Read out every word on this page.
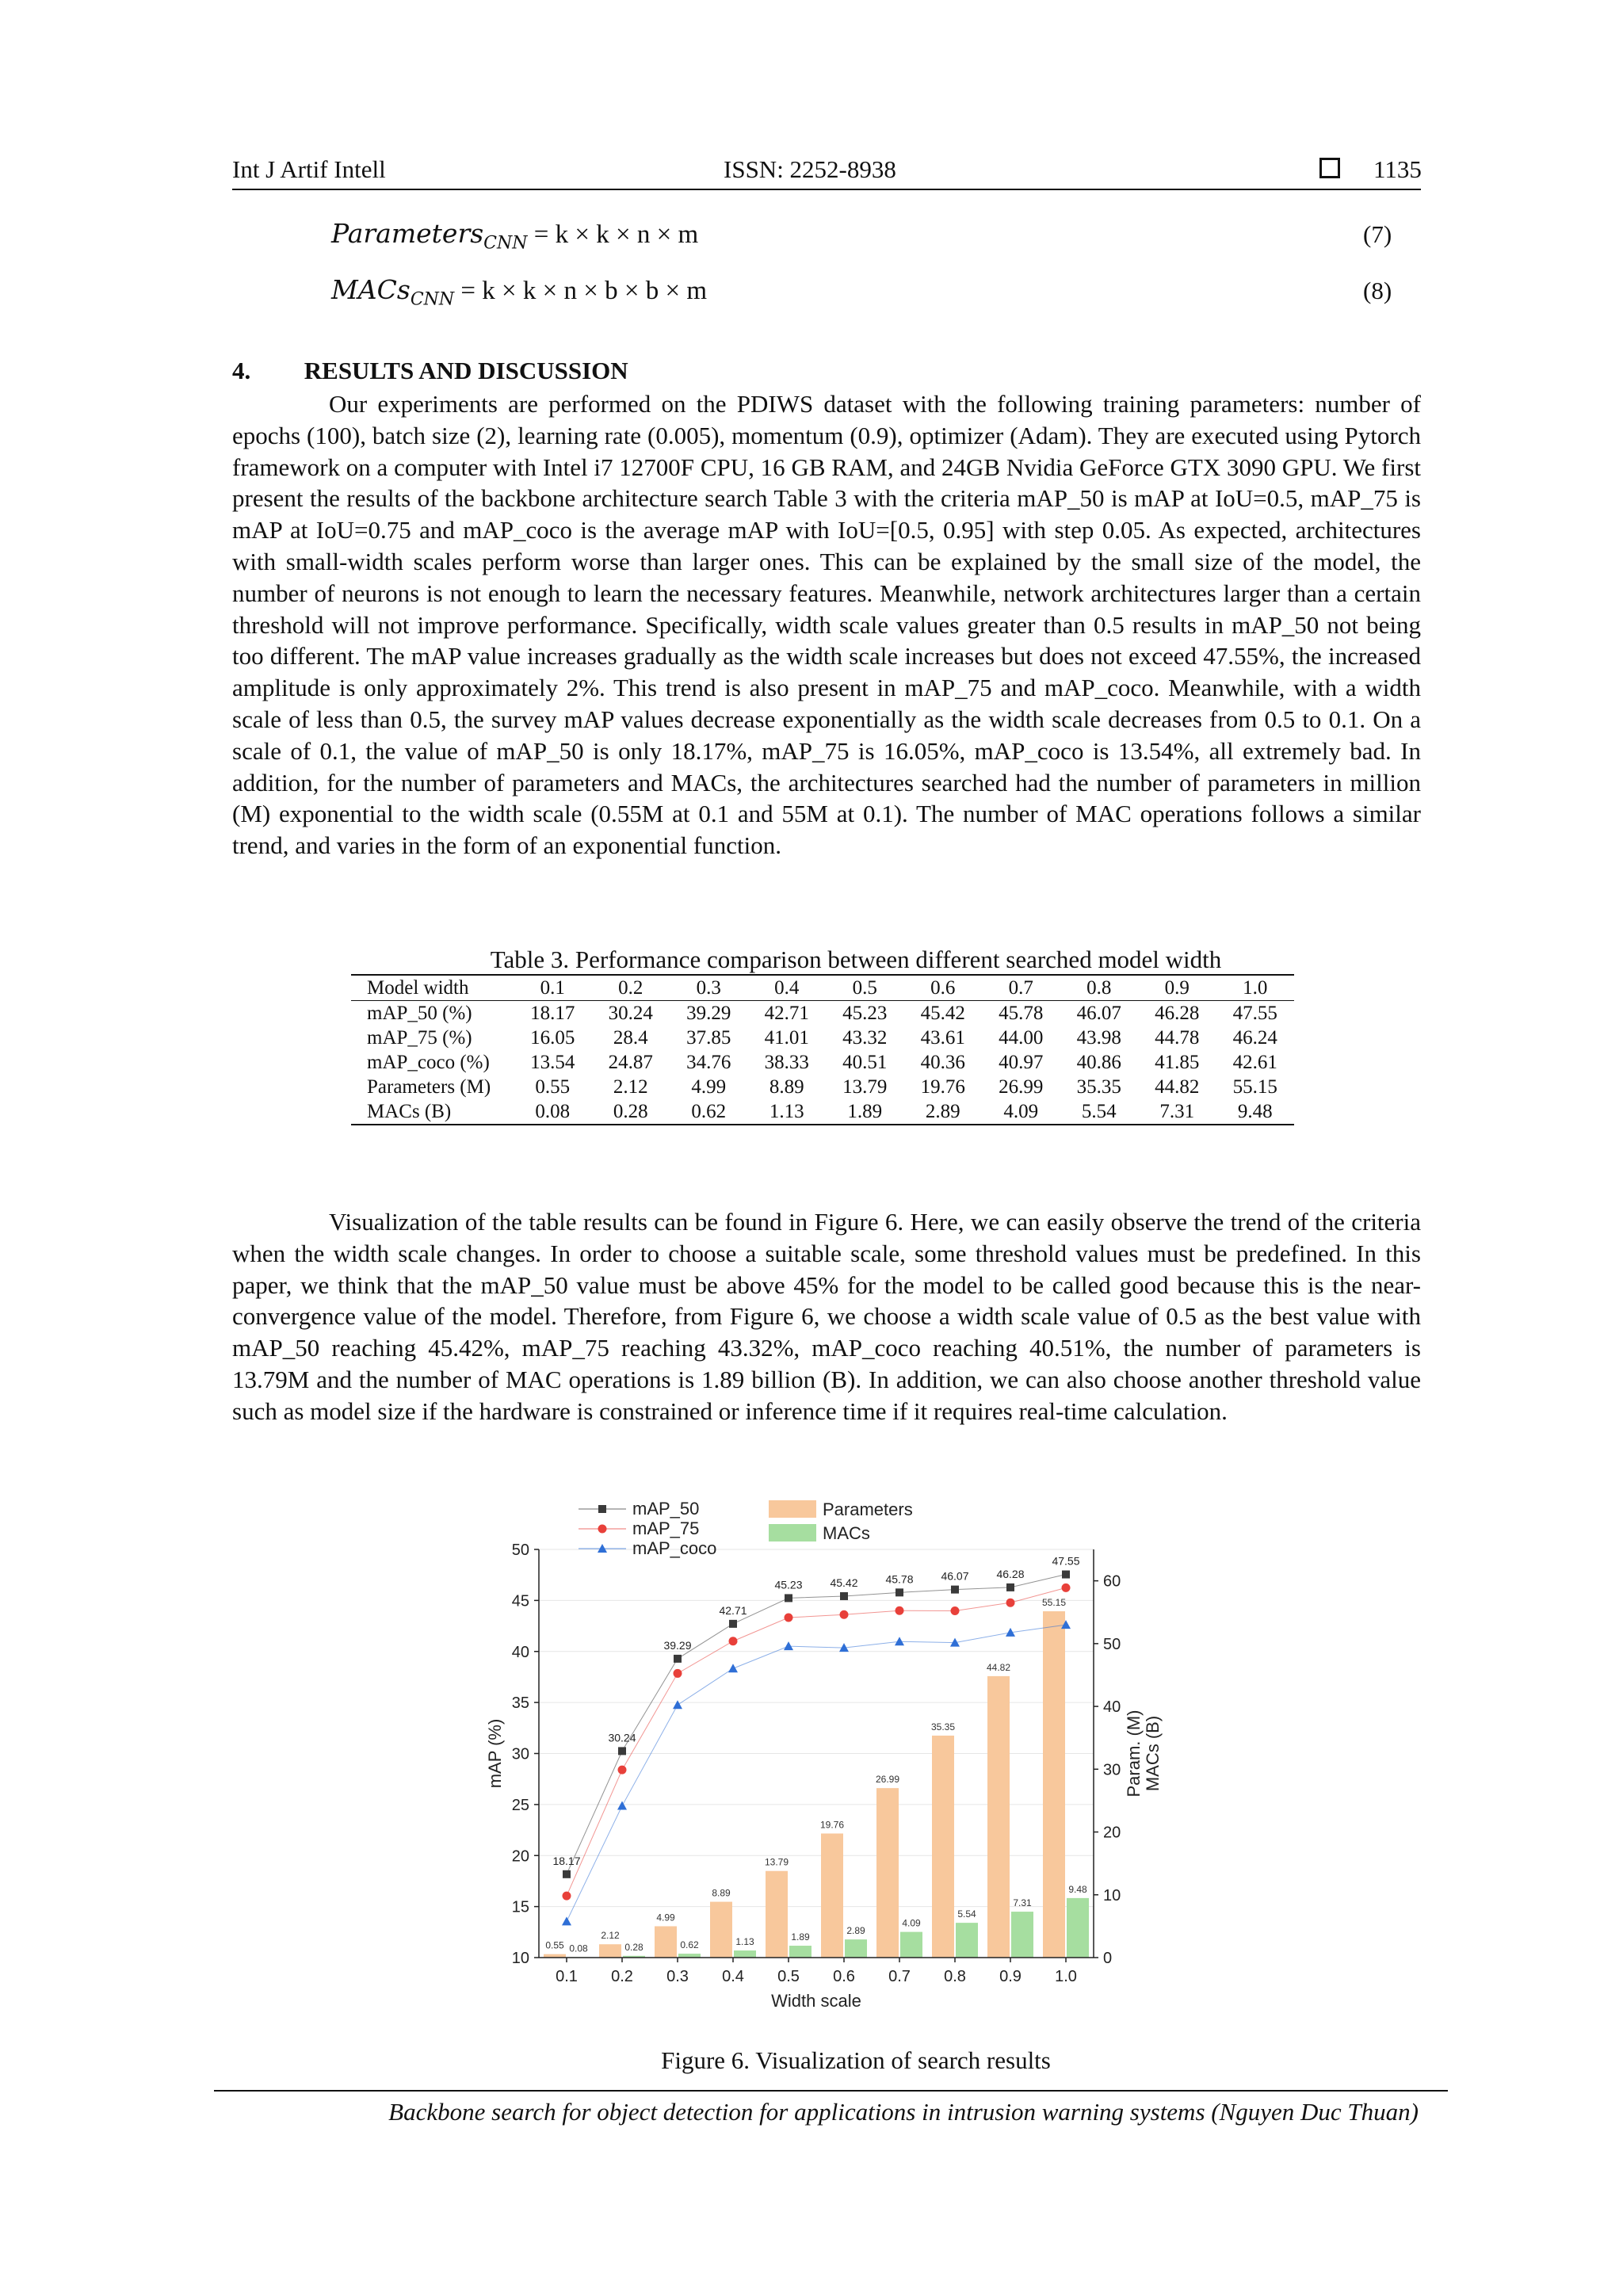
Int J Artif Intell	ISSN: 2252-8938	1135
Parameters$_{CNN}$ = k × k × n × m	(7)
MACs$_{CNN}$ = k × k × n × b × b × m	(8)
4. RESULTS AND DISCUSSION

Our experiments are performed on the PDIWS dataset with the following training parameters: number of epochs (100), batch size (2), learning rate (0.005), momentum (0.9), optimizer (Adam). They are executed using Pytorch framework on a computer with Intel i7 12700F CPU, 16 GB RAM, and 24GB Nvidia GeForce GTX 3090 GPU. We first present the results of the backbone architecture search Table 3 with the criteria mAP_50 is mAP at IoU=0.5, mAP_75 is mAP at IoU=0.75 and mAP_coco is the average mAP with IoU=[0.5, 0.95] with step 0.05. As expected, architectures with small-width scales perform worse than larger ones. This can be explained by the small size of the model, the number of neurons is not enough to learn the necessary features. Meanwhile, network architectures larger than a certain threshold will not improve performance. Specifically, width scale values greater than 0.5 results in mAP_50 not being too different. The mAP value increases gradually as the width scale increases but does not exceed 47.55%, the increased amplitude is only approximately 2%. This trend is also present in mAP_75 and mAP_coco. Meanwhile, with a width scale of less than 0.5, the survey mAP values decrease exponentially as the width scale decreases from 0.5 to 0.1. On a scale of 0.1, the value of mAP_50 is only 18.17%, mAP_75 is 16.05%, mAP_coco is 13.54%, all extremely bad. In addition, for the number of parameters and MACs, the architectures searched had the number of parameters in million (M) exponential to the width scale (0.55M at 0.1 and 55M at 0.1). The number of MAC operations follows a similar trend, and varies in the form of an exponential function.

Table 3. Performance comparison between different searched model width
Model width	0.1	0.2	0.3	0.4	0.5	0.6	0.7	0.8	0.9	1.0
mAP_50 (%)	18.17	30.24	39.29	42.71	45.23	45.42	45.78	46.07	46.28	47.55
mAP_75 (%)	16.05	28.4	37.85	41.01	43.32	43.61	44.00	43.98	44.78	46.24
mAP_coco (%)	13.54	24.87	34.76	38.33	40.51	40.36	40.97	40.86	41.85	42.61
Parameters (M)	0.55	2.12	4.99	8.89	13.79	19.76	26.99	35.35	44.82	55.15
MACs (B)	0.08	0.28	0.62	1.13	1.89	2.89	4.09	5.54	7.31	9.48

Visualization of the table results can be found in Figure 6. Here, we can easily observe the trend of the criteria when the width scale changes. In order to choose a suitable scale, some threshold values must be predefined. In this paper, we think that the mAP_50 value must be above 45% for the model to be called good because this is the near-convergence value of the model. Therefore, from Figure 6, we choose a width scale value of 0.5 as the best value with mAP_50 reaching 45.42%, mAP_75 reaching 43.32%, mAP_coco reaching 40.51%, the number of parameters is 13.79M and the number of MAC operations is 1.89 billion (B). In addition, we can also choose another threshold value such as model size if the hardware is constrained or inference time if it requires real-time calculation.

0.55 0.08
2.12
0.28
4.99
0.62
8.89
1.13
13.79
1.89
19.76
2.89
26.99
4.09
35.35
5.54
44.82
7.31
55.15
9.48
18.17
30.24
39.29
42.71
45.23 45.42 45.78 46.07 46.28
47.55
10
15
20
25
30
35
40
45
50
0
10
20
30
40
50
60
0.1 0.2 0.3 0.4 0.5 0.6 0.7 0.8 0.9 1.0
Width scale
mAP (%)	Param. (M) MACs (B)
mAP_50
mAP_75
mAP_coco
Parameters
MACs
Figure 6. Visualization of search results
Backbone search for object detection for applications in intrusion warning systems (Nguyen Duc Thuan)
